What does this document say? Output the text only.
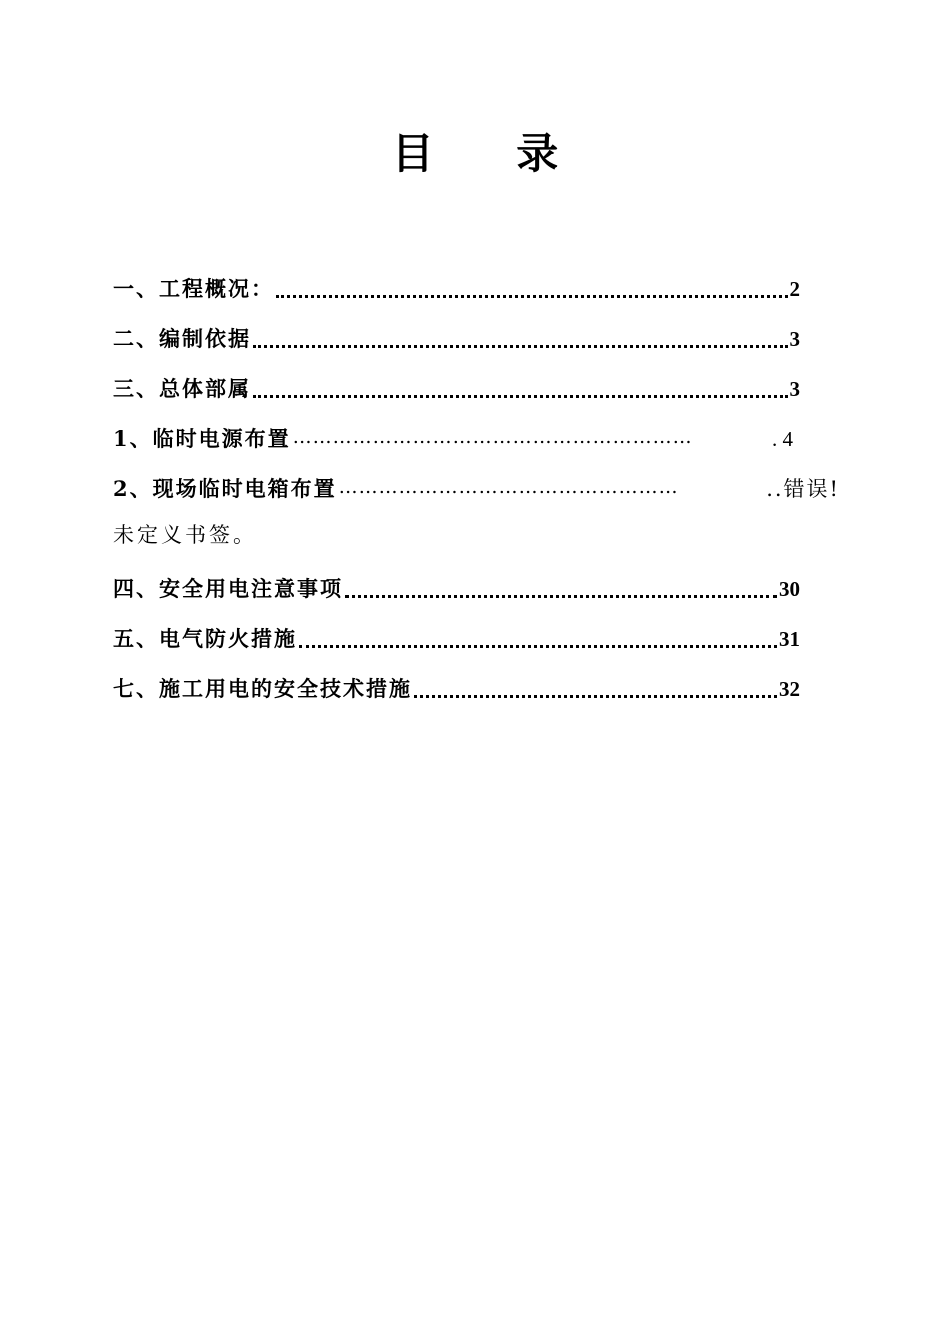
目 录
一、工程概况：	2
二、编制依据	3
三、总体部属	3
1、临时电源布置 ……………………………………………………	. 4
2、现场临时电箱布置 ……………………………………………	..错误!
未定义书签。
四、安全用电注意事项	30
五、电气防火措施	31
七、施工用电的安全技术措施	32
